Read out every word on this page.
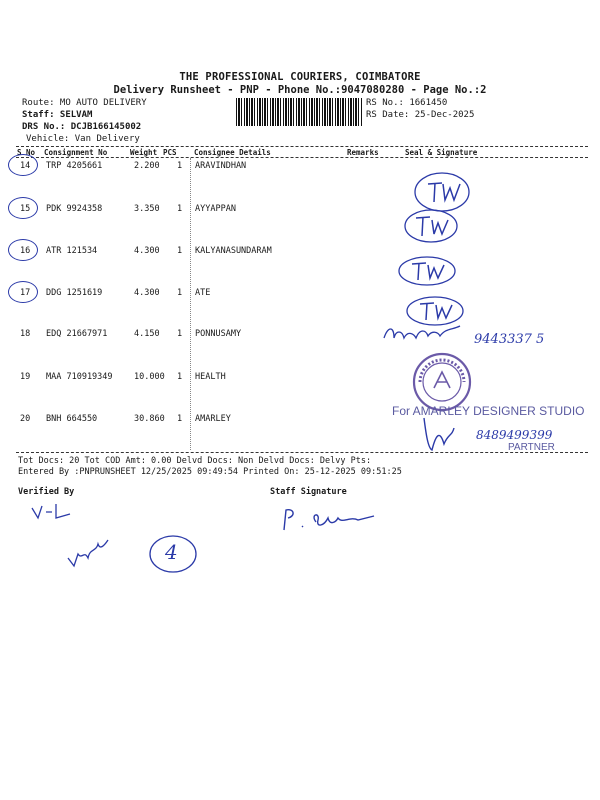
THE PROFESSIONAL COURIERS, COIMBATORE
Delivery Runsheet - PNP - Phone No.:9047080280 - Page No.:2
Route: MO AUTO DELIVERY
Staff: SELVAM
DRS No.: DCJB166145002
Vehicle: Van Delivery
RS No.: 1661450
RS Date: 25-Dec-2025
S No Consignment No	Weight PCS Consignee Details	Remarks	Seal & Signature
14 TRP 4205661	2.200 1 ARAVINDHAN
15 PDK 9924358	3.350 1 AYYAPPAN
16 ATR 121534	4.300 1 KALYANASUNDARAM
17 DDG 1251619	4.300 1 ATE
18 EDQ 21667971	4.150 1 PONNUSAMY
19 MAA 710919349	10.000 1 HEALTH
20 BNH 664550	30.860 1 AMARLEY
9443337 5
For AMARLEY DESIGNER STUDIO
PARTNER
8489499399
Tot Docs: 20 Tot COD Amt: 0.00 Delvd Docs: Non Delvd Docs: Delvy Pts:
Entered By :PNPRUNSHEET 12/25/2025 09:49:54 Printed On: 25-12-2025 09:51:25
Verified By	Staff Signature
4
